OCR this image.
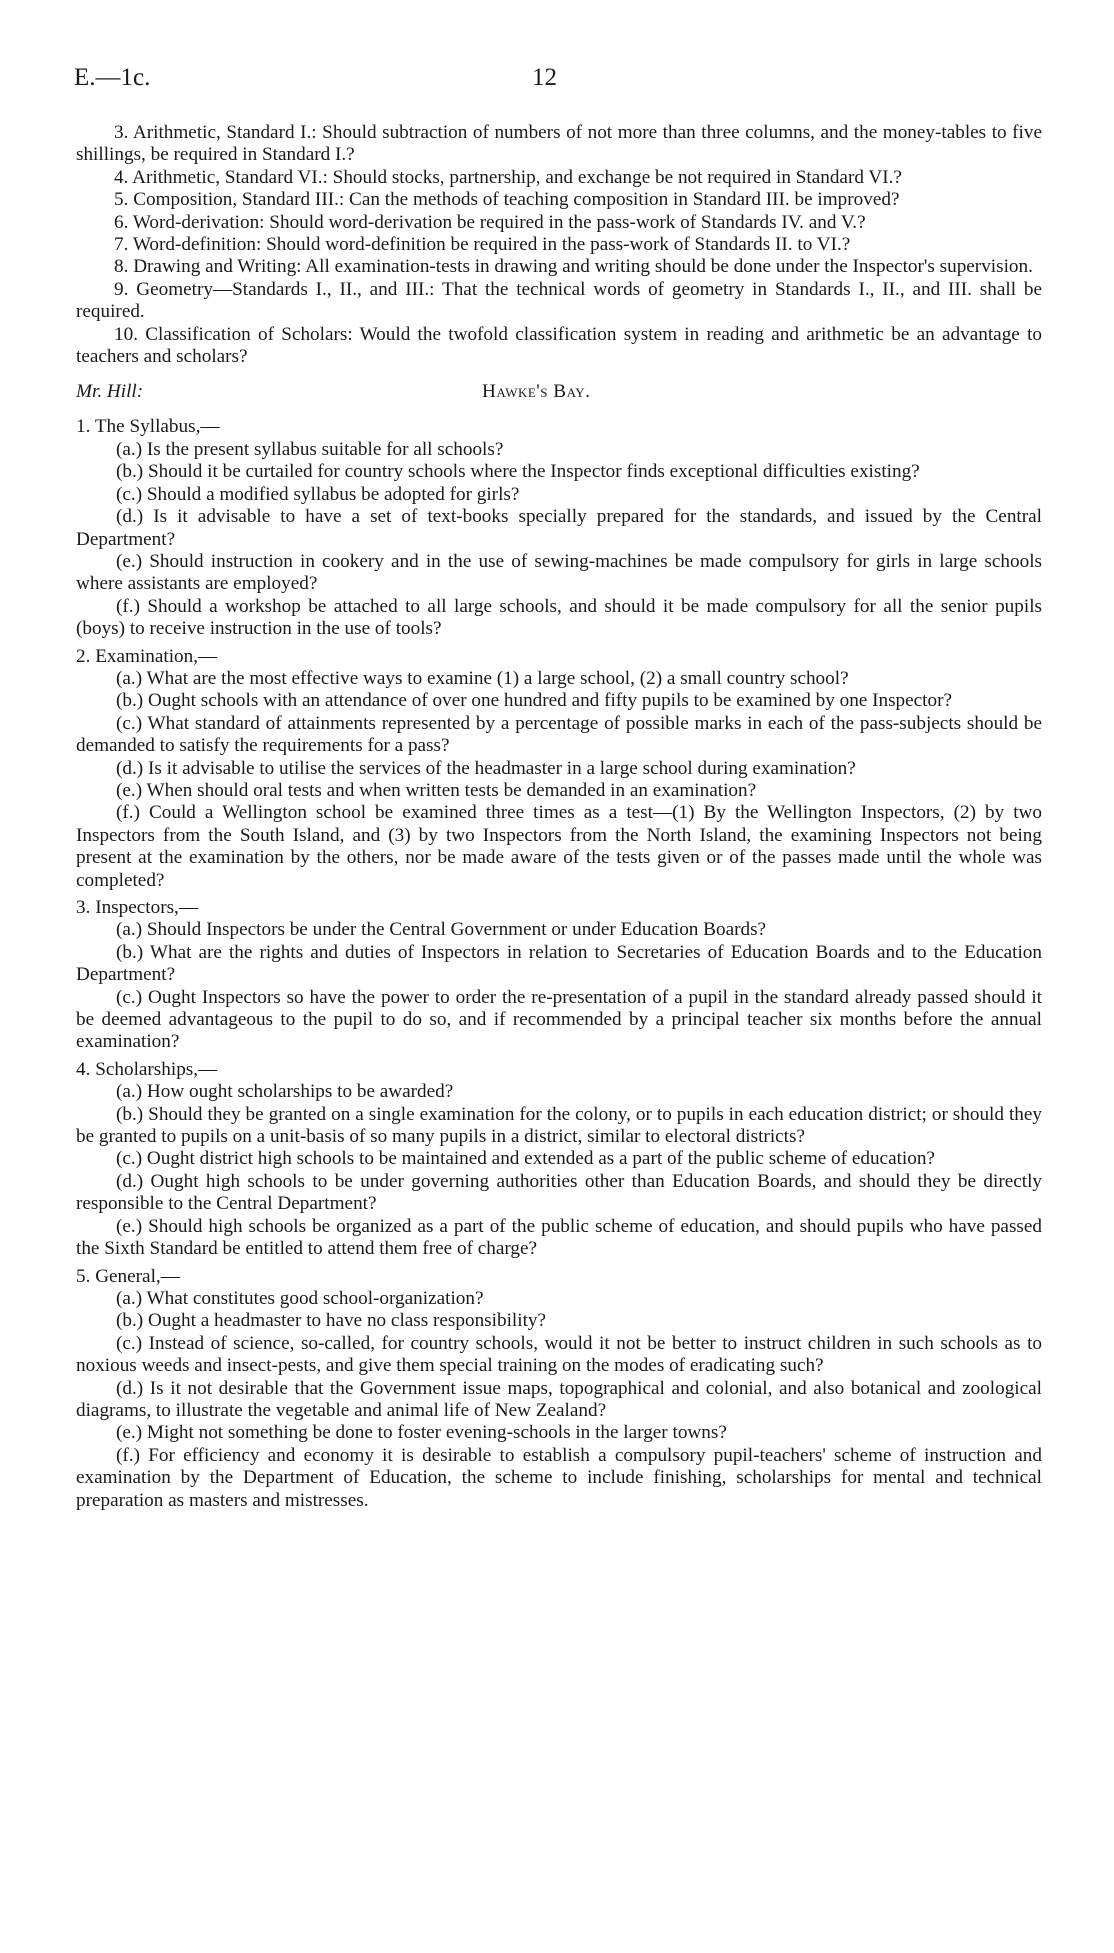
E.—1c.	12

3. Arithmetic, Standard I.: Should subtraction of numbers of not more than three columns, and the money-tables to five shillings, be required in Standard I.?

4. Arithmetic, Standard VI.: Should stocks, partnership, and exchange be not required in Standard VI.?

5. Composition, Standard III.: Can the methods of teaching composition in Standard III. be improved?

6. Word-derivation: Should word-derivation be required in the pass-work of Standards IV. and V.?

7. Word-definition: Should word-definition be required in the pass-work of Standards II. to VI.?

8. Drawing and Writing: All examination-tests in drawing and writing should be done under the Inspector's supervision.

9. Geometry—Standards I., II., and III.: That the technical words of geometry in Standards I., II., and III. shall be required.

10. Classification of Scholars: Would the twofold classification system in reading and arithmetic be an advantage to teachers and scholars?

Mr. Hill:	Hawke's Bay.

1. The Syllabus,—

(a.) Is the present syllabus suitable for all schools?

(b.) Should it be curtailed for country schools where the Inspector finds exceptional difficulties existing?

(c.) Should a modified syllabus be adopted for girls?

(d.) Is it advisable to have a set of text-books specially prepared for the standards, and issued by the Central Department?

(e.) Should instruction in cookery and in the use of sewing-machines be made compulsory for girls in large schools where assistants are employed?

(f.) Should a workshop be attached to all large schools, and should it be made compulsory for all the senior pupils (boys) to receive instruction in the use of tools?

2. Examination,—

(a.) What are the most effective ways to examine (1) a large school, (2) a small country school?

(b.) Ought schools with an attendance of over one hundred and fifty pupils to be examined by one Inspector?

(c.) What standard of attainments represented by a percentage of possible marks in each of the pass-subjects should be demanded to satisfy the requirements for a pass?

(d.) Is it advisable to utilise the services of the headmaster in a large school during examination?

(e.) When should oral tests and when written tests be demanded in an examination?

(f.) Could a Wellington school be examined three times as a test—(1) By the Wellington Inspectors, (2) by two Inspectors from the South Island, and (3) by two Inspectors from the North Island, the examining Inspectors not being present at the examination by the others, nor be made aware of the tests given or of the passes made until the whole was completed?

3. Inspectors,—

(a.) Should Inspectors be under the Central Government or under Education Boards?

(b.) What are the rights and duties of Inspectors in relation to Secretaries of Education Boards and to the Education Department?

(c.) Ought Inspectors so have the power to order the re-presentation of a pupil in the standard already passed should it be deemed advantageous to the pupil to do so, and if recommended by a principal teacher six months before the annual examination?

4. Scholarships,—

(a.) How ought scholarships to be awarded?

(b.) Should they be granted on a single examination for the colony, or to pupils in each education district; or should they be granted to pupils on a unit-basis of so many pupils in a district, similar to electoral districts?

(c.) Ought district high schools to be maintained and extended as a part of the public scheme of education?

(d.) Ought high schools to be under governing authorities other than Education Boards, and should they be directly responsible to the Central Department?

(e.) Should high schools be organized as a part of the public scheme of education, and should pupils who have passed the Sixth Standard be entitled to attend them free of charge?

5. General,—

(a.) What constitutes good school-organization?

(b.) Ought a headmaster to have no class responsibility?

(c.) Instead of science, so-called, for country schools, would it not be better to instruct children in such schools as to noxious weeds and insect-pests, and give them special training on the modes of eradicating such?

(d.) Is it not desirable that the Government issue maps, topographical and colonial, and also botanical and zoological diagrams, to illustrate the vegetable and animal life of New Zealand?

(e.) Might not something be done to foster evening-schools in the larger towns?

(f.) For efficiency and economy it is desirable to establish a compulsory pupil-teachers' scheme of instruction and examination by the Department of Education, the scheme to include finishing, scholarships for mental and technical preparation as masters and mistresses.
